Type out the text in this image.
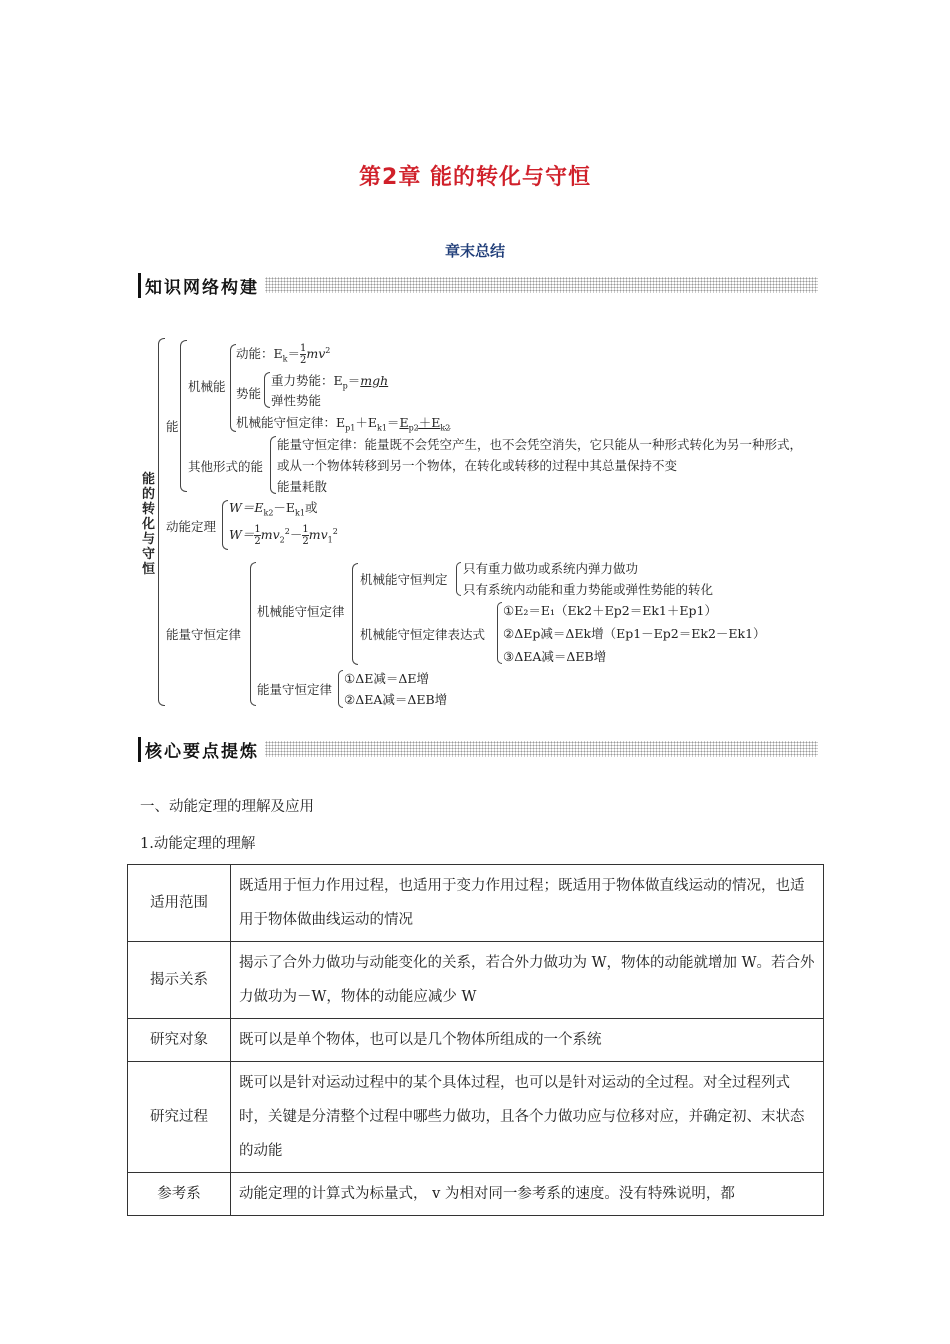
第2章 能的转化与守恒
章末总结
知识网络构建
能的转化与守恒
能
机械能
动能：$E_k= \frac{1}{2} mv^2$
势能
重力势能：$E_p=mgh$
弹性势能
机械能守恒定律：$E_{p1}+E_{k1}=E_{p2}+E_{k2}$
其他形式的能
能量守恒定律：能量既不会凭空产生，也不会凭空消失，它只能从一种形式转化为另一种形式，
或从一个物体转移到另一个物体，在转化或转移的过程中其总量保持不变
能量耗散
动能定理
$W=E_{k2}-E_{k1}$或
$W= \frac{1}{2} mv_2^2- \frac{1}{2} mv_1^2$
能量守恒定律
机械能守恒定律
机械能守恒判定
只有重力做功或系统内弹力做功
只有系统内动能和重力势能或弹性势能的转化
机械能守恒定律表达式
①E₂＝E₁（Ek2＋Ep2＝Ek1＋Ep1）
②ΔEp减＝ΔEk增（Ep1－Ep2＝Ek2－Ek1）
③ΔEA减＝ΔEB增
能量守恒定律
①ΔE减＝ΔE增
②ΔEA减＝ΔEB增
核心要点提炼
一、动能定理的理解及应用
1.动能定理的理解
适用范围	既适用于恒力作用过程，也适用于变力作用过程；既适用于物体做直线运动的情况，也适用于物体做曲线运动的情况
揭示关系	揭示了合外力做功与动能变化的关系，若合外力做功为 W，物体的动能就增加 W。若合外力做功为－W，物体的动能应减少 W
研究对象	既可以是单个物体，也可以是几个物体所组成的一个系统
研究过程	既可以是针对运动过程中的某个具体过程，也可以是针对运动的全过程。对全过程列式时，关键是分清整个过程中哪些力做功，且各个力做功应与位移对应，并确定初、末状态的动能
参考系	动能定理的计算式为标量式， v 为相对同一参考系的速度。没有特殊说明，都
